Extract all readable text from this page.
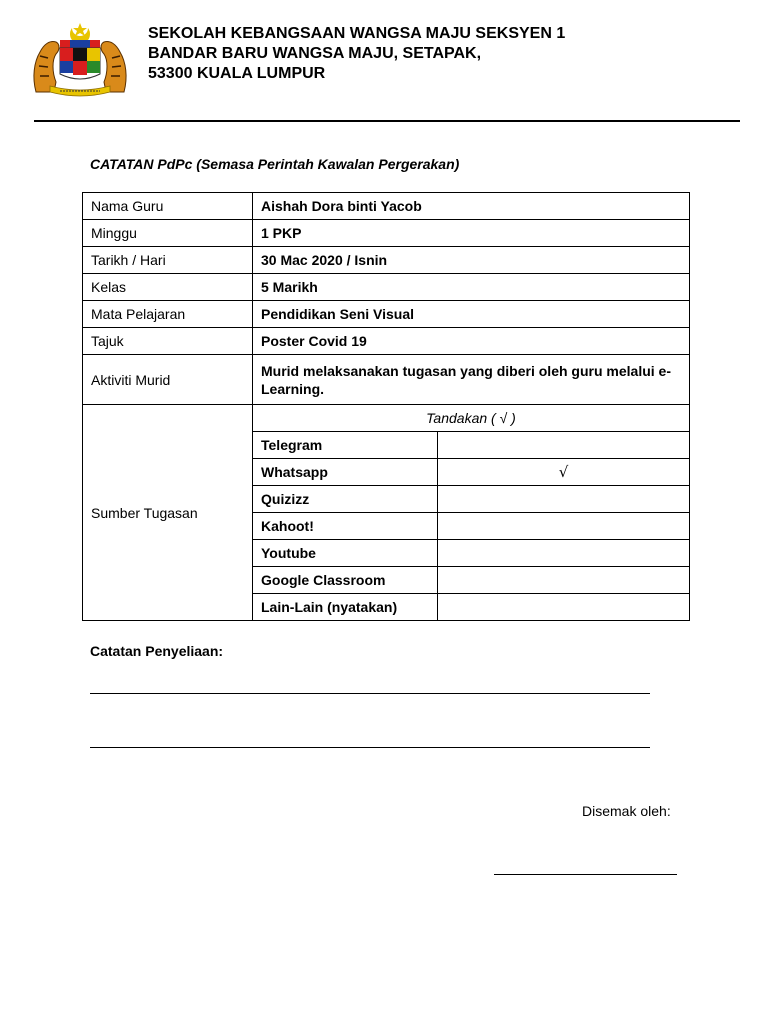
SEKOLAH KEBANGSAAN WANGSA MAJU SEKSYEN 1
BANDAR BARU WANGSA MAJU, SETAPAK,
53300 KUALA LUMPUR
CATATAN PdPc (Semasa Perintah Kawalan Pergerakan)
Nama Guru	Aishah Dora binti Yacob	
Minggu	1 PKP	
Tarikh / Hari	30 Mac 2020 / Isnin	
Kelas	5 Marikh	
Mata Pelajaran	Pendidikan Seni Visual	
Tajuk	Poster Covid 19	
Aktiviti Murid	Murid melaksanakan tugasan yang diberi oleh guru melalui e-Learning.	
Sumber Tugasan	Tandakan ( √ )	
	Telegram	
	Whatsapp	√
	Quizizz	
	Kahoot!	
	Youtube	
	Google Classroom	
	Lain-Lain (nyatakan)	
Catatan Penyeliaan:
Disemak oleh:
